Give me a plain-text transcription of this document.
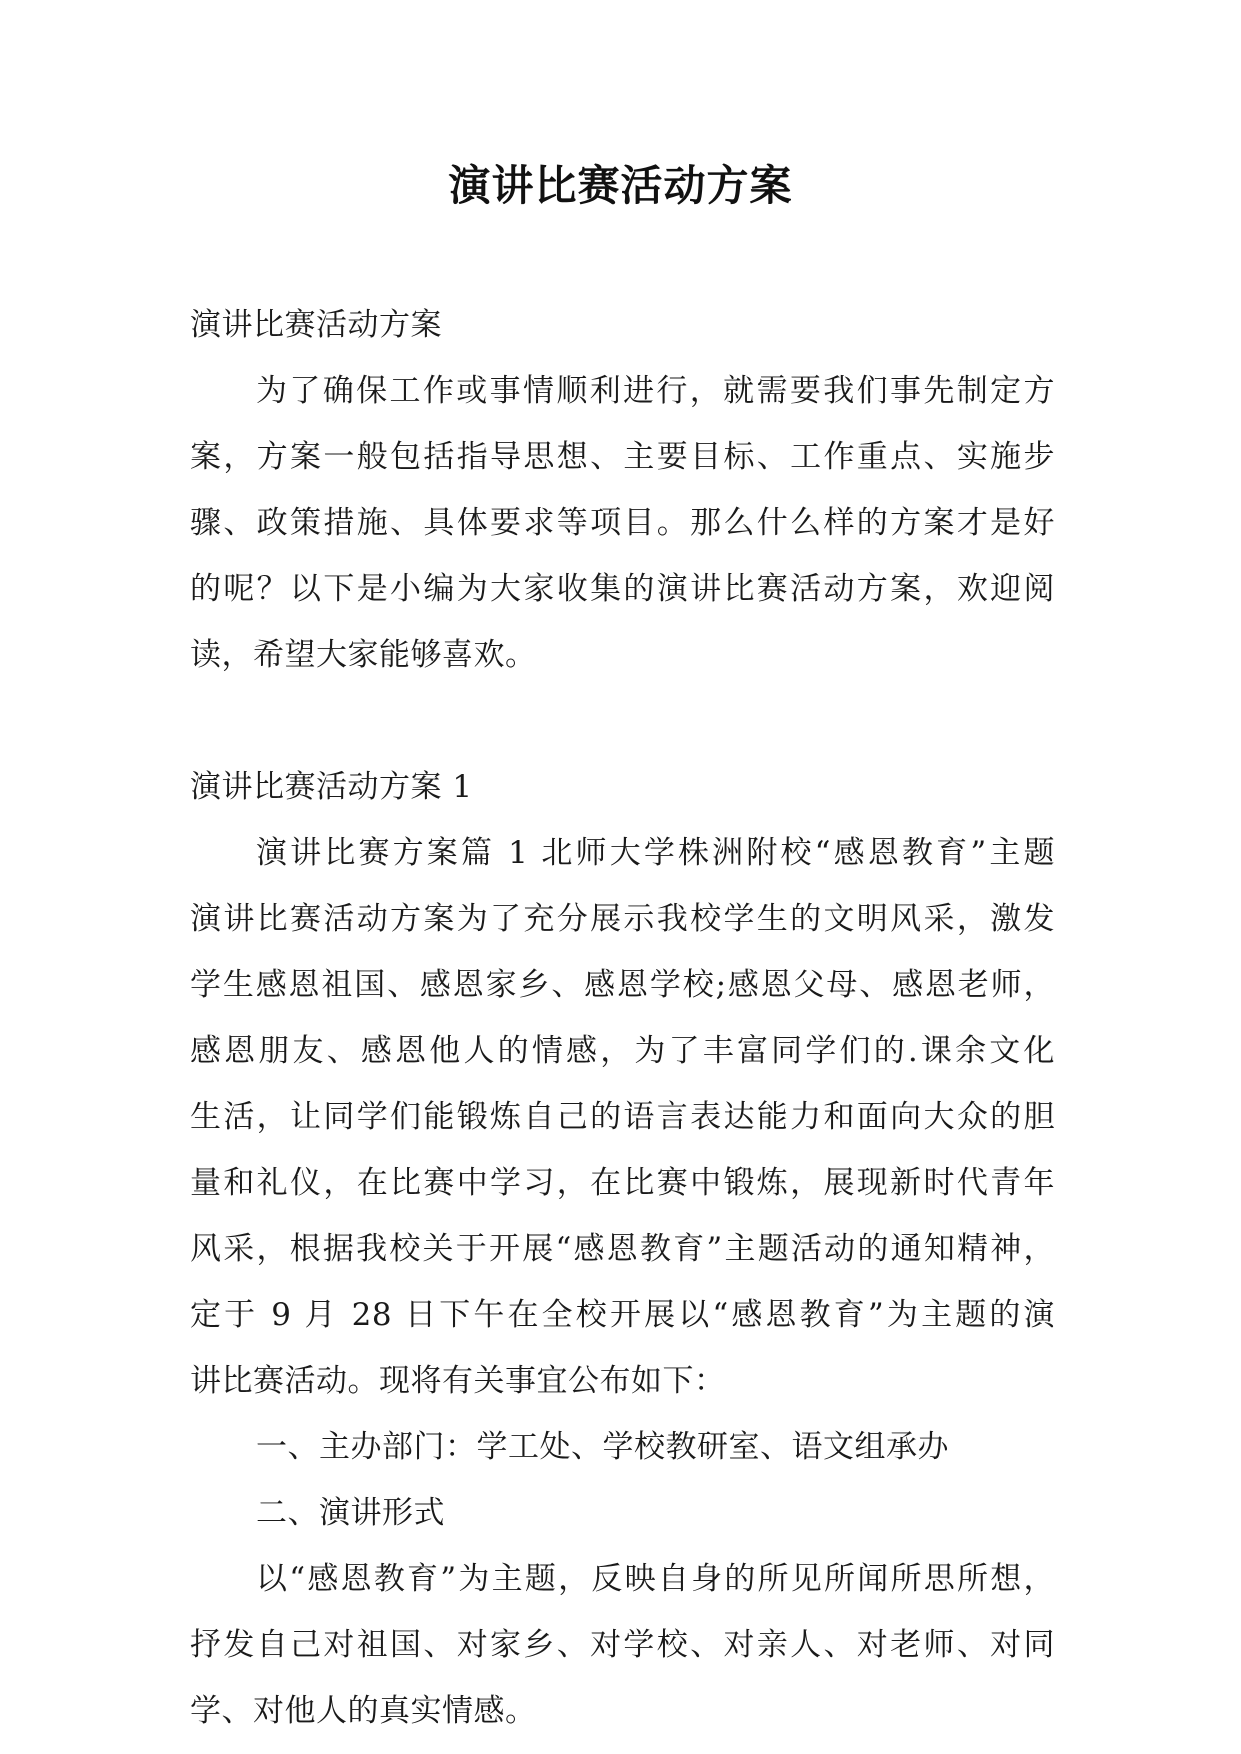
演讲比赛活动方案
演讲比赛活动方案
为了确保工作或事情顺利进行，就需要我们事先制定方
案，方案一般包括指导思想、主要目标、工作重点、实施步
骤、政策措施、具体要求等项目。那么什么样的方案才是好
的呢？以下是小编为大家收集的演讲比赛活动方案，欢迎阅
读，希望大家能够喜欢。
演讲比赛活动方案 1
演讲比赛方案篇 1 北师大学株洲附校“感恩教育”主题
演讲比赛活动方案为了充分展示我校学生的文明风采，激发
学生感恩祖国、感恩家乡、感恩学校;感恩父母、感恩老师，
感恩朋友、感恩他人的情感，为了丰富同学们的.课余文化
生活，让同学们能锻炼自己的语言表达能力和面向大众的胆
量和礼仪，在比赛中学习，在比赛中锻炼，展现新时代青年
风采，根据我校关于开展“感恩教育”主题活动的通知精神，
定于 9 月 28 日下午在全校开展以“感恩教育”为主题的演
讲比赛活动。现将有关事宜公布如下：
一、主办部门：学工处、学校教研室、语文组承办
二、演讲形式
以“感恩教育”为主题，反映自身的所见所闻所思所想，
抒发自己对祖国、对家乡、对学校、对亲人、对老师、对同
学、对他人的真实情感。
